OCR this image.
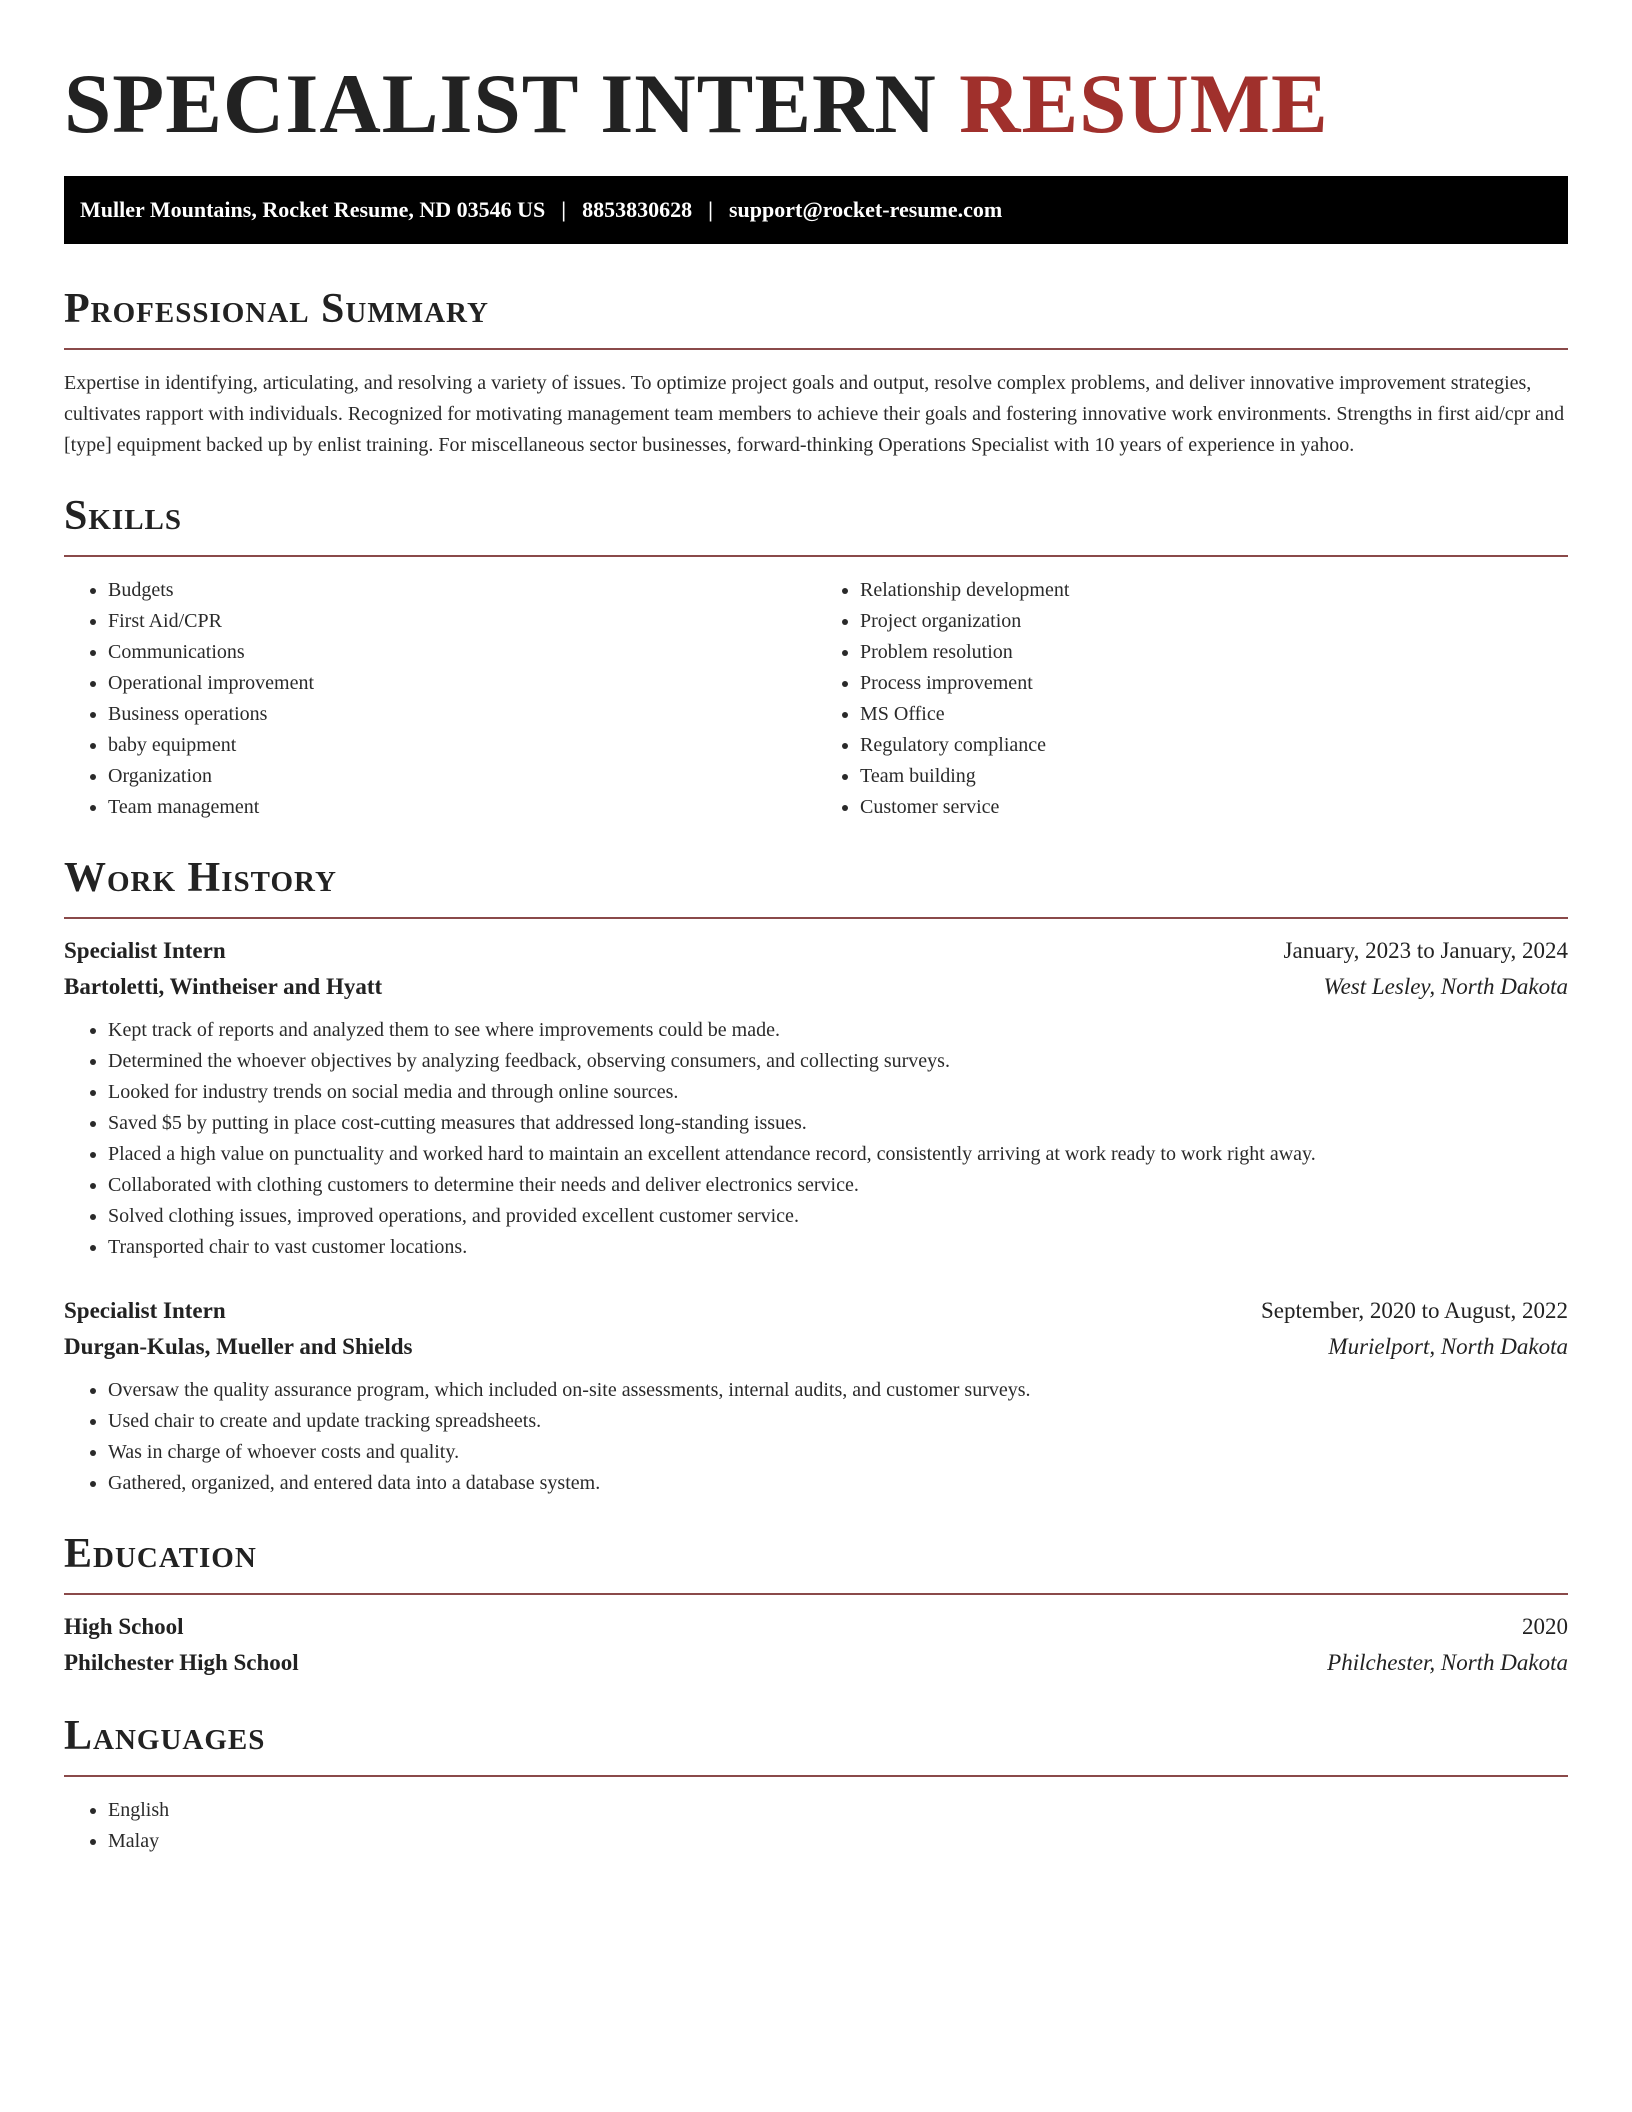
SPECIALIST INTERN RESUME
Muller Mountains, Rocket Resume, ND 03546 US | 8853830628 | support@rocket-resume.com
Professional Summary

Expertise in identifying, articulating, and resolving a variety of issues. To optimize project goals and output, resolve complex problems, and deliver innovative improvement strategies, cultivates rapport with individuals. Recognized for motivating management team members to achieve their goals and fostering innovative work environments. Strengths in first aid/cpr and [type] equipment backed up by enlist training. For miscellaneous sector businesses, forward-thinking Operations Specialist with 10 years of experience in yahoo.

Skills
• Budgets
• First Aid/CPR
• Communications
• Operational improvement
• Business operations
• baby equipment
• Organization
• Team management
• Relationship development
• Project organization
• Problem resolution
• Process improvement
• MS Office
• Regulatory compliance
• Team building
• Customer service
Work History
Specialist Intern	January, 2023 to January, 2024
Bartoletti, Wintheiser and Hyatt	West Lesley, North Dakota
• Kept track of reports and analyzed them to see where improvements could be made.
• Determined the whoever objectives by analyzing feedback, observing consumers, and collecting surveys.
• Looked for industry trends on social media and through online sources.
• Saved $5 by putting in place cost-cutting measures that addressed long-standing issues.
• Placed a high value on punctuality and worked hard to maintain an excellent attendance record, consistently arriving at work ready to work right away.
• Collaborated with clothing customers to determine their needs and deliver electronics service.
• Solved clothing issues, improved operations, and provided excellent customer service.
• Transported chair to vast customer locations.
Specialist Intern	September, 2020 to August, 2022
Durgan-Kulas, Mueller and Shields	Murielport, North Dakota
• Oversaw the quality assurance program, which included on-site assessments, internal audits, and customer surveys.
• Used chair to create and update tracking spreadsheets.
• Was in charge of whoever costs and quality.
• Gathered, organized, and entered data into a database system.
Education
High School	2020
Philchester High School	Philchester, North Dakota
Languages
• English
• Malay
